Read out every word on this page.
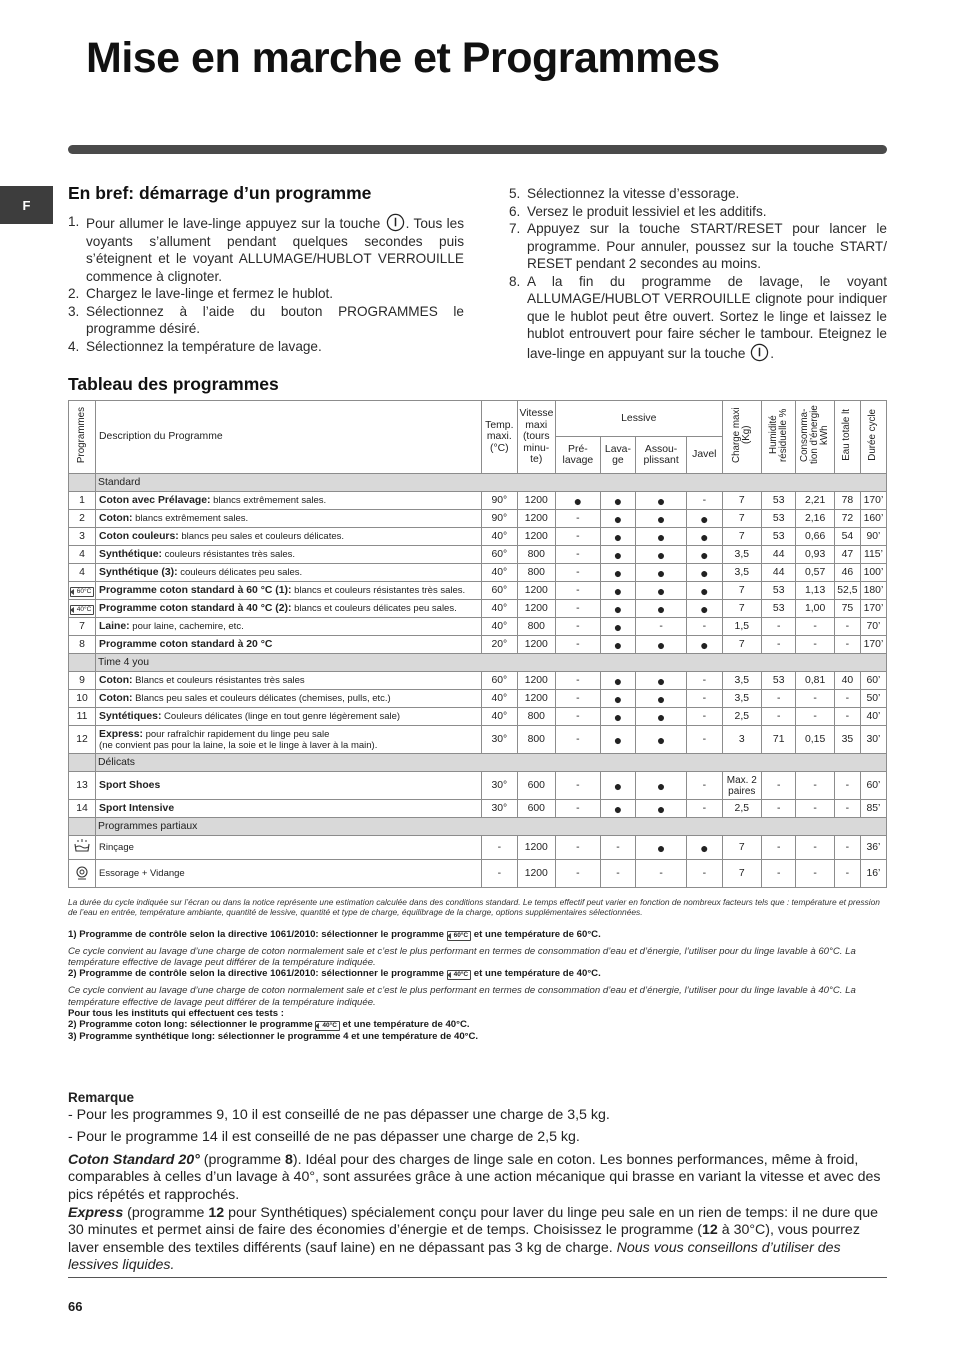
Mise en marche et Programmes
F
En bref: démarrage d’un programme
1. Pour allumer le lave-linge appuyez sur la touche . Tous les voyants s’allument pendant quelques secondes puis s’éteignent et le voyant ALLUMAGE/HUBLOT VERROUILLE commence à clignoter.
2. Chargez le lave-linge et fermez le hublot.
3. Sélectionnez à l’aide du bouton PROGRAMMES le programme désiré.
4. Sélectionnez la température de lavage.
5. Sélectionnez la vitesse d’essorage.
6. Versez le produit lessiviel et les additifs.
7. Appuyez sur la touche START/RESET pour lancer le programme. Pour annuler, poussez sur la touche START/ RESET pendant 2 secondes au moins.
8. A la fin du programme de lavage, le voyant ALLUMAGE/HUBLOT VERROUILLE clignote pour indiquer que le hublot peut être ouvert. Sortez le linge et laissez le hublot entrouvert pour faire sécher le tambour. Eteignez le lave-linge en appuyant sur la touche .
Tableau des programmes
Programmes	Description du Programme	Temp. maxi. (°C)	Vitesse maxi (tours minu- te)	Lessive				Charge maxi (Kg)	Humidité résiduelle %	Consomma- tion d’énergie kWh	Eau totale lt	Durée cycle
				Pré- lavage	Lava- ge	Assou- plissant	Javel					
	Standard											
1	Coton avec Prélavage: blancs extrêmement sales.	90°	1200	●	●	●	-	7	53	2,21	78	170’
2	Coton: blancs extrêmement sales.	90°	1200	-	●	●	●	7	53	2,16	72	160’
3	Coton couleurs: blancs peu sales et couleurs délicates.	40°	1200	-	●	●	●	7	53	0,66	54	90’
4	Synthétique: couleurs résistantes très sales.	60°	800	-	●	●	●	3,5	44	0,93	47	115’
4	Synthétique (3): couleurs délicates peu sales.	40°	800	-	●	●	●	3,5	44	0,57	46	100’
60°C	Programme coton standard à 60 °C (1): blancs et couleurs résistantes très sales.	60°	1200	-	●	●	●	7	53	1,13	52,5	180’
40°C	Programme coton standard à 40 °C (2): blancs et couleurs délicates peu sales.	40°	1200	-	●	●	●	7	53	1,00	75	170’
7	Laine: pour laine, cachemire, etc.	40°	800	-	●	-	-	1,5	-	-	-	70’
8	Programme coton standard à 20 °C	20°	1200	-	●	●	●	7	-	-	-	170’
	Time 4 you											
9	Coton: Blancs et couleurs résistantes très sales	60°	1200	-	●	●	-	3,5	53	0,81	40	60’
10	Coton: Blancs peu sales et couleurs délicates (chemises, pulls, etc.)	40°	1200	-	●	●	-	3,5	-	-	-	50’
11	Syntétiques: Couleurs délicates (linge en tout genre légèrement sale)	40°	800	-	●	●	-	2,5	-	-	-	40’
12	Express: pour rafraîchir rapidement du linge peu sale
(ne convient pas pour la laine, la soie et le linge à laver à la main).	30°	800	-	●	●	-	3	71	0,15	35	30’
	Délicats											
13	Sport Shoes	30°	600	-	●	●	-	Max. 2 paires	-	-	-	60’
14	Sport Intensive	30°	600	-	●	●	-	2,5	-	-	-	85’
	Programmes partiaux											
	Rinçage	-	1200	-	-	●	●	7	-	-	-	36’
	Essorage + Vidange	-	1200	-	-	-	-	7	-	-	-	16’
La durée du cycle indiquée sur l’écran ou dans la notice représente une estimation calculée dans des conditions standard. Le temps effectif peut varier en fonction de nombreux facteurs tels que : température et pression de l’eau en entrée, température ambiante, quantité de lessive, quantité et type de charge, équilibrage de la charge, options supplémentaires sélectionnées.
1) Programme de contrôle selon la directive 1061/2010: sélectionner le programme 60°C et une température de 60°C.
Ce cycle convient au lavage d’une charge de coton normalement sale et c’est le plus performant en termes de consommation d’eau et d’énergie, l’utiliser pour du linge lavable à 60°C. La température effective de lavage peut différer de la température indiquée.
2) Programme de contrôle selon la directive 1061/2010: sélectionner le programme 40°C et une température de 40°C.
Ce cycle convient au lavage d’une charge de coton normalement sale et c’est le plus performant en termes de consommation d’eau et d’énergie, l’utiliser pour du linge lavable à 40°C. La température effective de lavage peut différer de la température indiquée.
Pour tous les instituts qui effectuent ces tests :
2) Programme coton long: sélectionner le programme 40°C et une température de 40°C.
3) Programme synthétique long: sélectionner le programme 4 et une température de 40°C.
Remarque
- Pour les programmes 9, 10 il est conseillé de ne pas dépasser une charge de 3,5 kg.
- Pour le programme 14 il est conseillé de ne pas dépasser une charge de 2,5 kg.
Coton Standard 20° (programme 8). Idéal pour des charges de linge sale en coton. Les bonnes performances, même à froid, comparables à celles d’un lavage à 40°, sont assurées grâce à une action mécanique qui brasse en variant la vitesse et avec des pics répétés et rapprochés.
Express (programme 12 pour Synthétiques) spécialement conçu pour laver du linge peu sale en un rien de temps: il ne dure que 30 minutes et permet ainsi de faire des économies d’énergie et de temps. Choisissez le programme (12 à 30°C), vous pourrez laver ensemble des textiles différents (sauf laine) en ne dépassant pas 3 kg de charge. Nous vous conseillons d’utiliser des lessives liquides.
66
